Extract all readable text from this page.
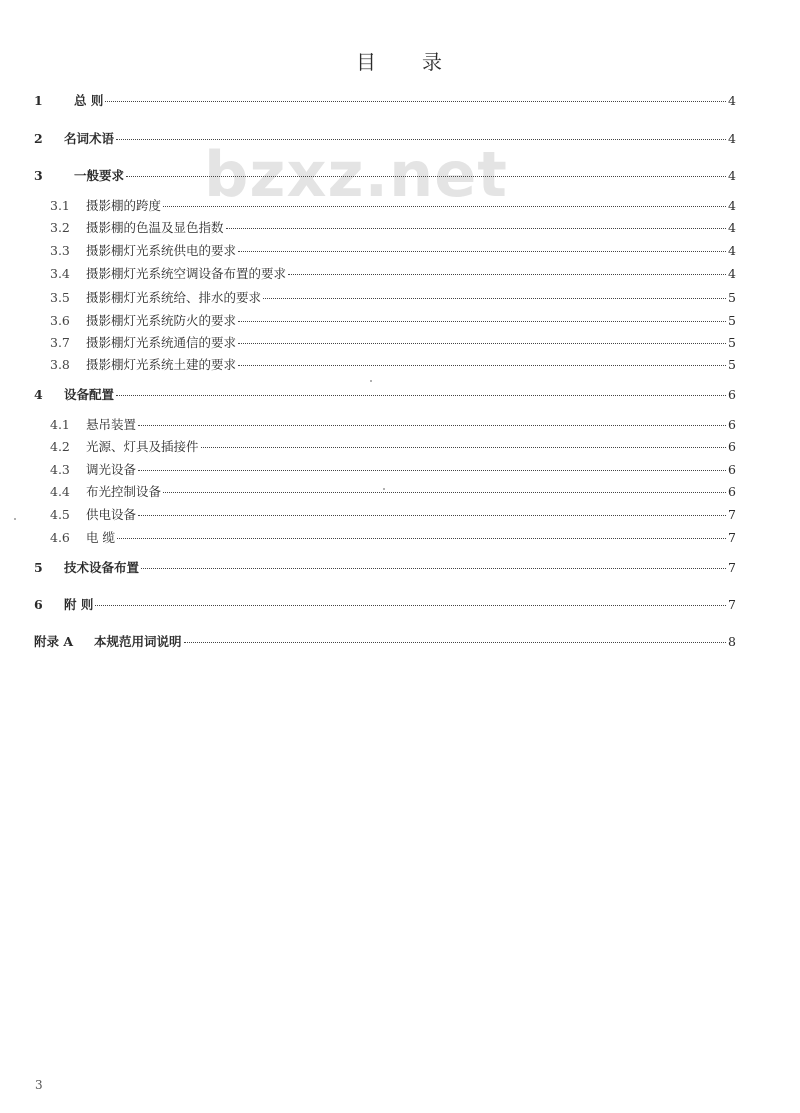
目 录
bzxz.net
1	总 则	4
2	名词术语	4
3	一般要求	4
3.1	摄影棚的跨度	4
3.2	摄影棚的色温及显色指数	4
3.3	摄影棚灯光系统供电的要求	4
3.4	摄影棚灯光系统空调设备布置的要求	4
3.5	摄影棚灯光系统给、排水的要求	5
3.6	摄影棚灯光系统防火的要求	5
3.7	摄影棚灯光系统通信的要求	5
3.8	摄影棚灯光系统土建的要求	5
4	设备配置	6
4.1	悬吊装置	6
4.2	光源、灯具及插接件	6
4.3	调光设备	6
4.4	布光控制设备	6
4.5	供电设备	7
4.6	电 缆	7
5	技术设备布置	7
6	附 则	7
附录 A	本规范用词说明	8
3
